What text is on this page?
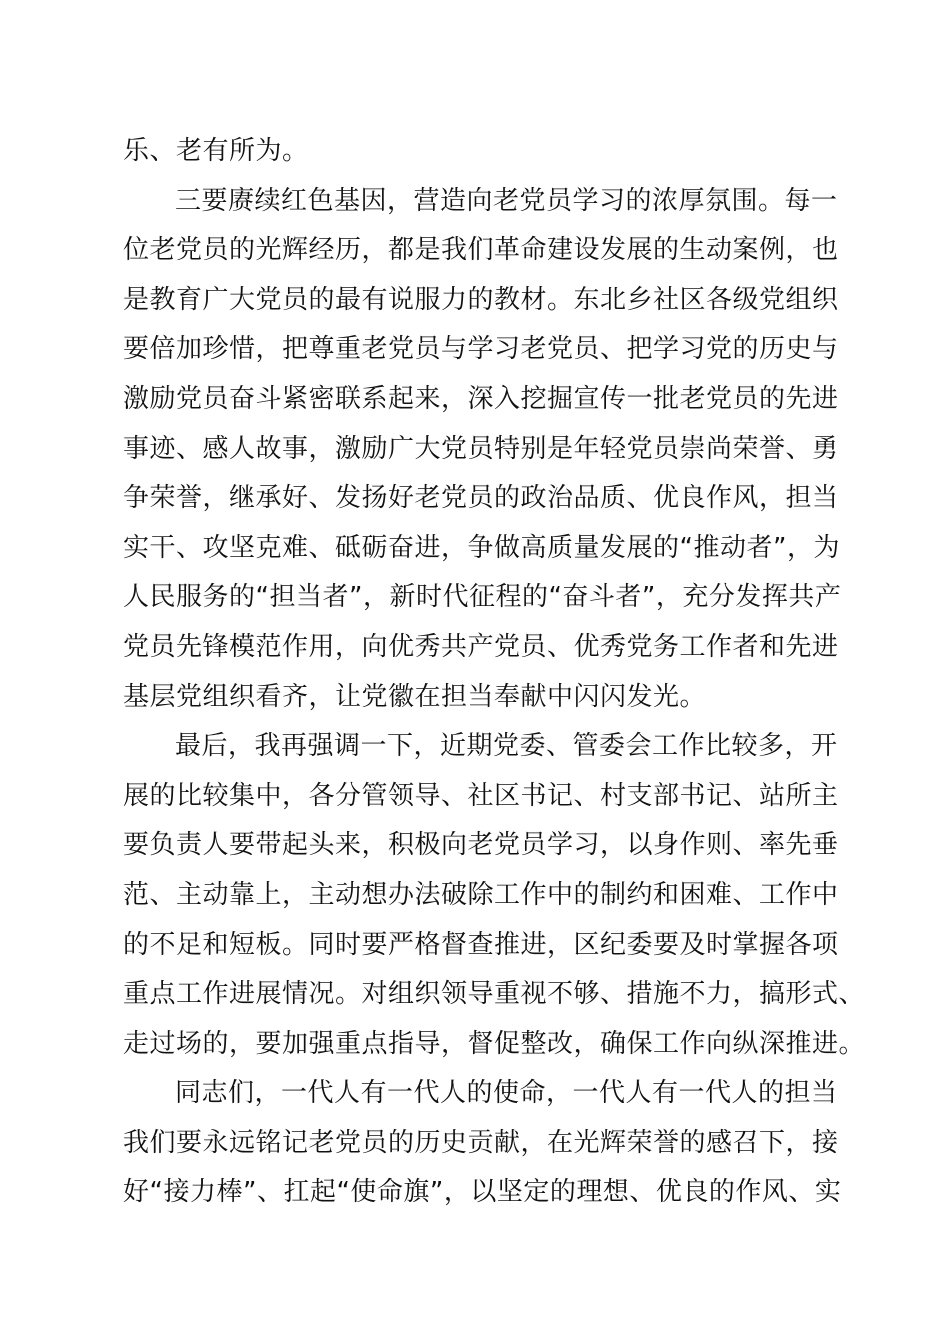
乐、老有所为。
三要赓续红色基因，营造向老党员学习的浓厚氛围。每一
位老党员的光辉经历，都是我们革命建设发展的生动案例，也
是教育广大党员的最有说服力的教材。东北乡社区各级党组织
要倍加珍惜，把尊重老党员与学习老党员、把学习党的历史与
激励党员奋斗紧密联系起来，深入挖掘宣传一批老党员的先进
事迹、感人故事，激励广大党员特别是年轻党员崇尚荣誉、勇
争荣誉，继承好、发扬好老党员的政治品质、优良作风，担当
实干、攻坚克难、砥砺奋进，争做高质量发展的“推动者”，为
人民服务的“担当者”，新时代征程的“奋斗者”，充分发挥共产
党员先锋模范作用，向优秀共产党员、优秀党务工作者和先进
基层党组织看齐，让党徽在担当奉献中闪闪发光。
最后，我再强调一下，近期党委、管委会工作比较多，开
展的比较集中，各分管领导、社区书记、村支部书记、站所主
要负责人要带起头来，积极向老党员学习，以身作则、率先垂
范、主动靠上，主动想办法破除工作中的制约和困难、工作中
的不足和短板。同时要严格督查推进，区纪委要及时掌握各项
重点工作进展情况。对组织领导重视不够、措施不力，搞形式、
走过场的，要加强重点指导，督促整改，确保工作向纵深推进。
同志们，一代人有一代人的使命，一代人有一代人的担当
我们要永远铭记老党员的历史贡献，在光辉荣誉的感召下，接
好“接力棒”、扛起“使命旗”，以坚定的理想、优良的作风、实
